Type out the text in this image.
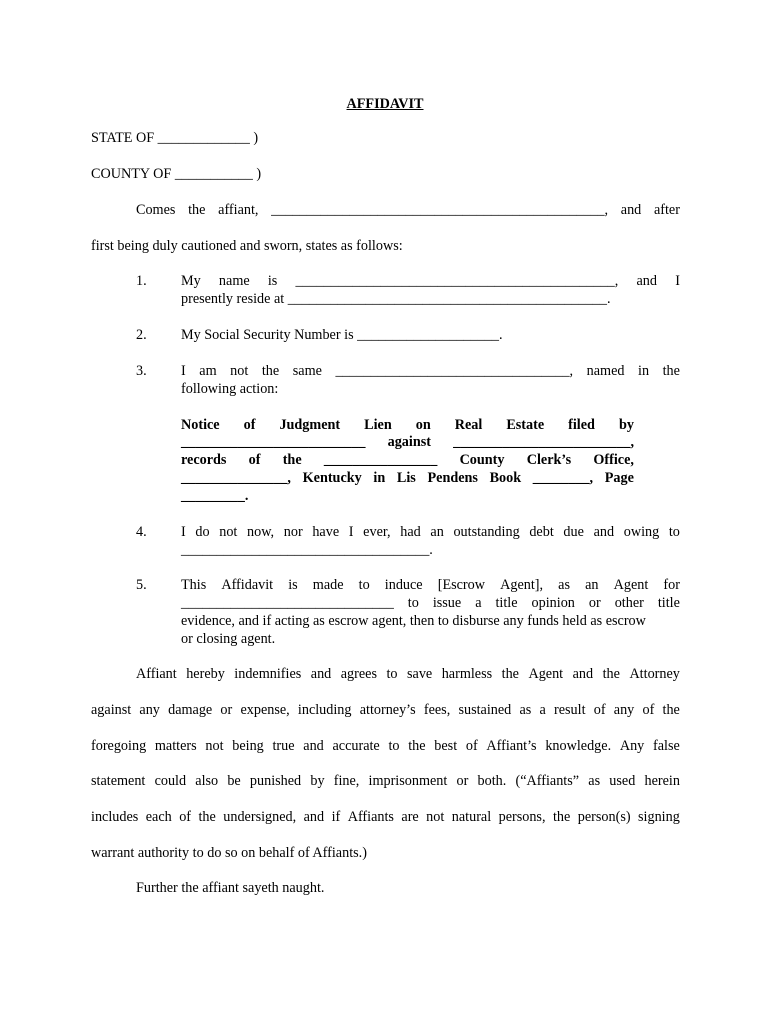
AFFIDAVIT
STATE OF _____________ )
COUNTY OF ___________ )
Comes the affiant, _______________________________________________, and after
first being duly cautioned and sworn, states as follows:
1. My name is _____________________________________________, and I
presently reside at _____________________________________________.
2. My Social Security Number is ____________________.
3. I am not the same _________________________________, named in the
following action:
Notice of Judgment Lien on Real Estate filed by
__________________________ against _________________________,
records of the ________________ County Clerk’s Office,
_______________, Kentucky in Lis Pendens Book ________, Page
_________.
4. I do not now, nor have I ever, had an outstanding debt due and owing to
___________________________________.
5. This Affidavit is made to induce [Escrow Agent], as an Agent for
______________________________ to issue a title opinion or other title
evidence, and if acting as escrow agent, then to disburse any funds held as escrow
or closing agent.
Affiant hereby indemnifies and agrees to save harmless the Agent and the Attorney
against any damage or expense, including attorney’s fees, sustained as a result of any of the
foregoing matters not being true and accurate to the best of Affiant’s knowledge. Any false
statement could also be punished by fine, imprisonment or both. (“Affiants” as used herein
includes each of the undersigned, and if Affiants are not natural persons, the person(s) signing
warrant authority to do so on behalf of Affiants.)
Further the affiant sayeth naught.
